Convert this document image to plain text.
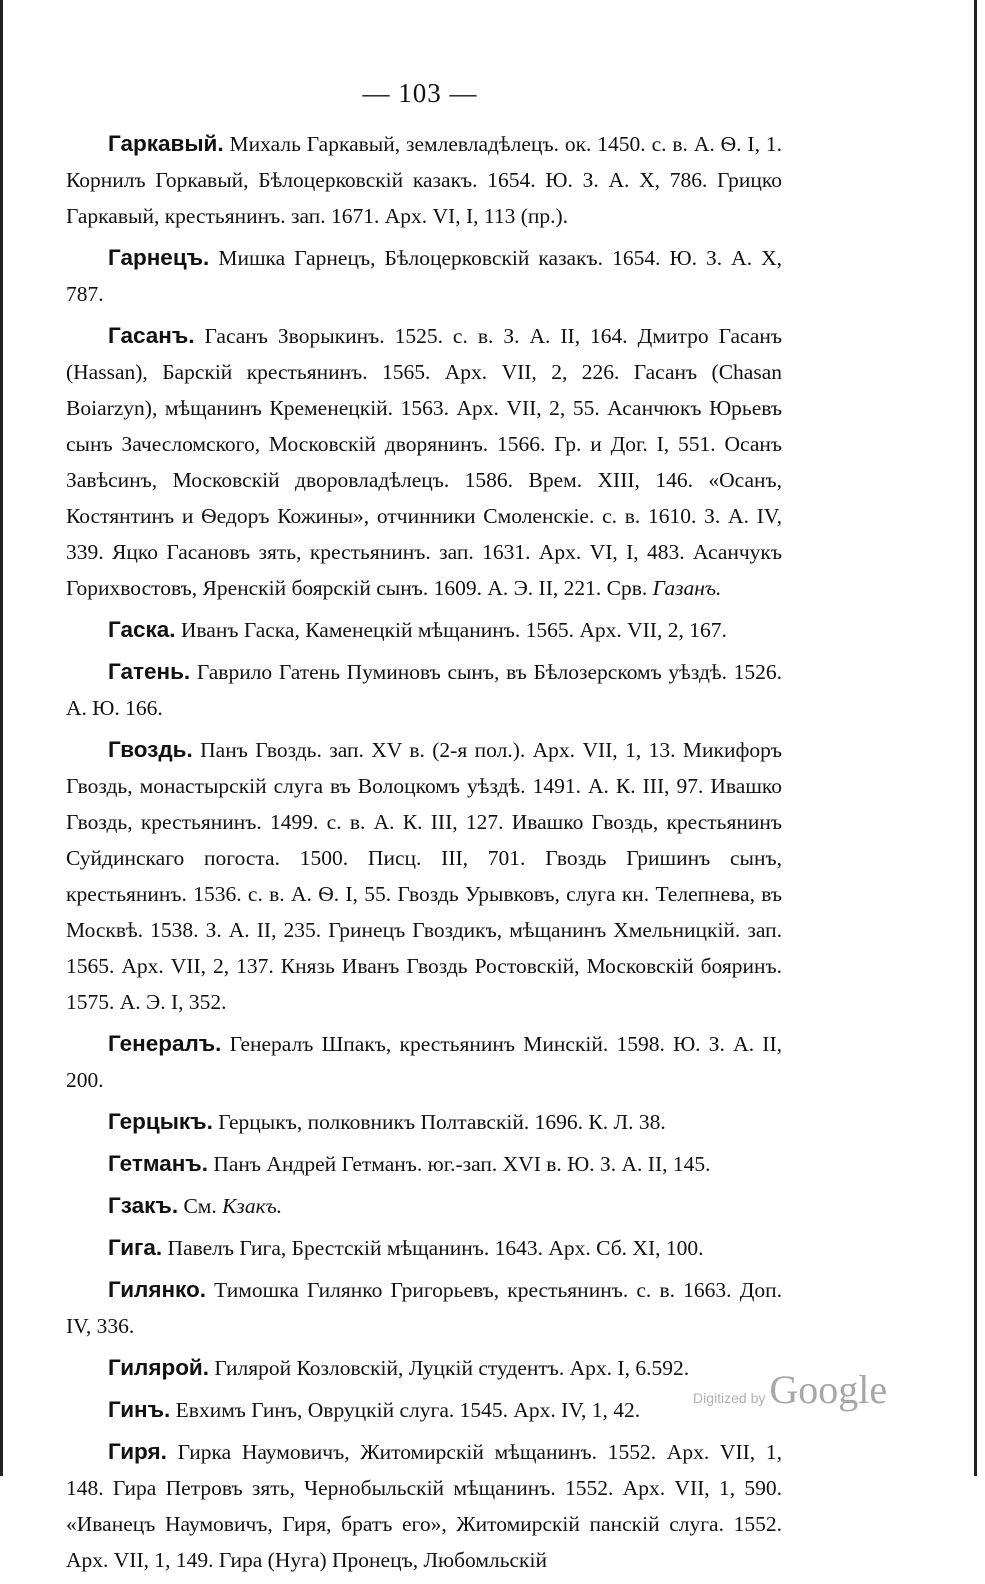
— 103 —

Гаркавый. Михаль Гаркавый, землевладѣлецъ. ок. 1450. с. в. А. Ѳ. I, 1. Корнилъ Горкавый, Бѣлоцерковскій казакъ. 1654. Ю. З. А. X, 786. Грицко Гаркавый, крестьянинъ. зап. 1671. Арх. VI, I, 113 (пр.).

Гарнецъ. Мишка Гарнецъ, Бѣлоцерковскій казакъ. 1654. Ю. З. А. X, 787.

Гасанъ. Гасанъ Зворыкинъ. 1525. с. в. З. А. II, 164. Дмитро Гасанъ (Hassan), Барскій крестьянинъ. 1565. Арх. VII, 2, 226. Гасанъ (Chasan Boiarzyn), мѣщанинъ Кременецкій. 1563. Арх. VII, 2, 55. Асанчюкъ Юрьевъ сынъ Зачесломского, Московскій дворянинъ. 1566. Гр. и Дог. I, 551. Осанъ Завѣсинъ, Московскій дворовладѣлецъ. 1586. Врем. XIII, 146. «Осанъ, Костянтинъ и Ѳедоръ Кожины», отчинники Смоленскіе. с. в. 1610. З. А. IV, 339. Яцко Гасановъ зять, крестьянинъ. зап. 1631. Арх. VI, I, 483. Асанчукъ Горихвостовъ, Яренскій боярскій сынъ. 1609. А. Э. II, 221. Срв. Газанъ.

Гаска. Иванъ Гаска, Каменецкій мѣщанинъ. 1565. Арх. VII, 2, 167.

Гатень. Гаврило Гатень Пуминовъ сынъ, въ Бѣлозерскомъ уѣздѣ. 1526. А. Ю. 166.

Гвоздь. Панъ Гвоздь. зап. XV в. (2-я пол.). Арх. VII, 1, 13. Микифоръ Гвоздь, монастырскій слуга въ Волоцкомъ уѣздѣ. 1491. А. К. III, 97. Ивашко Гвоздь, крестьянинъ. 1499. с. в. А. К. III, 127. Ивашко Гвоздь, крестьянинъ Суйдинскаго погоста. 1500. Писц. III, 701. Гвоздь Гришинъ сынъ, крестьянинъ. 1536. с. в. А. Ѳ. I, 55. Гвоздь Урывковъ, слуга кн. Телепнева, въ Москвѣ. 1538. З. А. II, 235. Гринецъ Гвоздикъ, мѣщанинъ Хмельницкій. зап. 1565. Арх. VII, 2, 137. Князь Иванъ Гвоздь Ростовскій, Московскій бояринъ. 1575. А. Э. I, 352.

Генералъ. Генералъ Шпакъ, крестьянинъ Минскій. 1598. Ю. З. А. II, 200.

Герцыкъ. Герцыкъ, полковникъ Полтавскій. 1696. К. Л. 38.

Гетманъ. Панъ Андрей Гетманъ. юг.-зап. XVI в. Ю. З. А. II, 145.

Гзакъ. См. Кзакъ.

Гига. Павелъ Гига, Брестскій мѣщанинъ. 1643. Арх. Сб. XI, 100.

Гилянко. Тимошка Гилянко Григорьевъ, крестьянинъ. с. в. 1663. Доп. IV, 336.

Гилярой. Гилярой Козловскій, Луцкій студентъ. Арх. I, 6.592.

Гинъ. Евхимъ Гинъ, Овруцкій слуга. 1545. Арх. IV, 1, 42.

Гиря. Гирка Наумовичъ, Житомирскій мѣщанинъ. 1552. Арх. VII, 1, 148. Гира Петровъ зять, Чернобыльскій мѣщанинъ. 1552. Арх. VII, 1, 590. «Иванецъ Наумовичъ, Гиря, братъ его», Житомирскій панскій слуга. 1552. Арх. VII, 1, 149. Гира (Нуга) Пронецъ, Любомльскій

Digitized by Google
